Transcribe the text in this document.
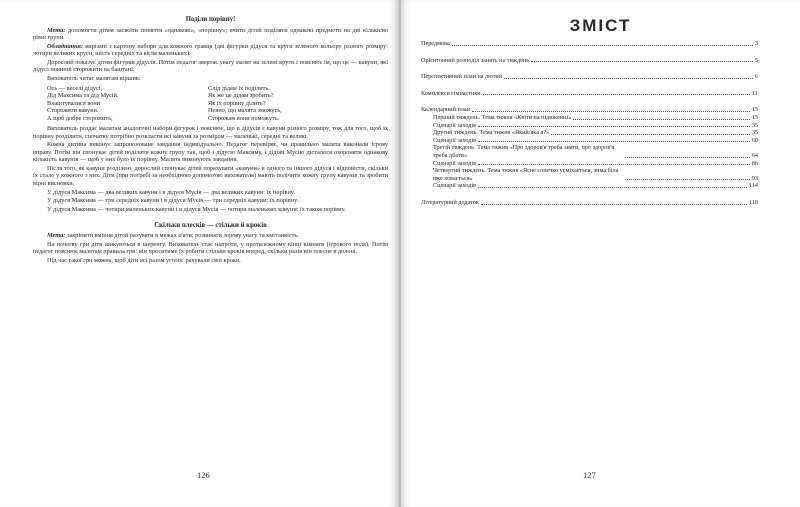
Поділи порівну!

Мета: допомогти дітям засвоїти поняття «однакові», «порівну»; вчити дітей поділяти однакові предмети на дві кількісно рівні групи.

Обладнання: вирізані з картону набори для кожного гравця (дві фігурки дідуся та круги зеленого кольору різного розміру: чотири великих круги, шість середніх та вісім маленьких).

Дорослий показує дітям фігурки дідусів. Потім педагог звертає увагу малят на зелені круги і пояснює їм, що це — кавуни, які дідусі повинні сторожити на баштані.

Вихователь читає малятам віршик:

Ось — веселі дідусі,	Слід дідам їх поділить.
Дід Максима та дід Мусій.	Як же це дідам зробить?
Влаштувалися вони	Як їх порівну ділить?
Сторожити кавуни.	Певно, що малята зможуть,
А щоб добре сторожить,	Сторожам вони поможуть.

Вихователь роздає малятам аналогічні набори фігурок і пояснює, що в дідусів є кавуни різного розміру, тож для того, щоб їх порівну розділити, спочатку потрібно розкласти всі кавуни за розміром — маленькі, середні та великі.

Кожна дитина виконує запропоноване завдання індивідуально. Педагог перевіряє, чи правильно малята виконали ігрову вправу. Потім він спонукає дітей поділити кожну групу так, щоб і дідусю Максиму, і дідові Мусію дісталося охороняти однакову кількість кавунів — щоб у них було їх порівну. Малята виконують завдання.

Після того, як кавуни розділені, дорослий спонукає дітей порахувати «кавуни» в одного та іншого дідуся і відповісти, скільки їх стало у кожного з них. Діти (при потребі за необхідною допомогою вихователя) мають полічити кожну групу кавунів та зробити вірні висновки.

У дідуся Максима — два великих кавуни і в дідуся Мусія — два великих кавуни: їх порівну.

У дідуся Максима — три середніх кавуни і в дідуся Мусія — три середніх кавуни: їх порівну.

У дідуся Максима — чотири маленьких кавуни і в дідуся Мусія — чотири маленьких кавуни: їх також порівну.

Скільки плесків — стільки й кроків

Мета: закріпити вміння дітей рахувати в межах п'яти; розвивати зорову увагу та кмітливість.

На початку гри діти шикуються в шеренгу. Вихователь стає напроти, у протилежному кінці кімнати (ігрового поля). Потім педагог пояснює малятам правила гри: він проситиме їх робити стільки кроків вперед, скільки разів він плесне в долоні.

Під час такої гри можна, щоб діти всі разом уголос рахували свої кроки.

126
ЗМІСТ
Передмова	3
Орієнтовний розподіл занять на тиждень	5
Перспективний план на лютий	6
Комплекси гімнастики	11
Календарний план	15
Перший тиждень. Тема тижня «Квіти на підвіконні»	15
Сценарії заходів	35
Другий тиждень. Тема тижня «Який/яка я?»	35
Сценарії заходів	60
Третій тиждень. Тема тижня «Про здоров'я треба знати, про здоров'я треба дбати»	64
Сценарії заходів	86
Четвертий тиждень. Тема тижня «Ясне сонечко усміхається, зима біла вже ховається»	93
Сценарії заходів	114
Літературний додаток	118
127
